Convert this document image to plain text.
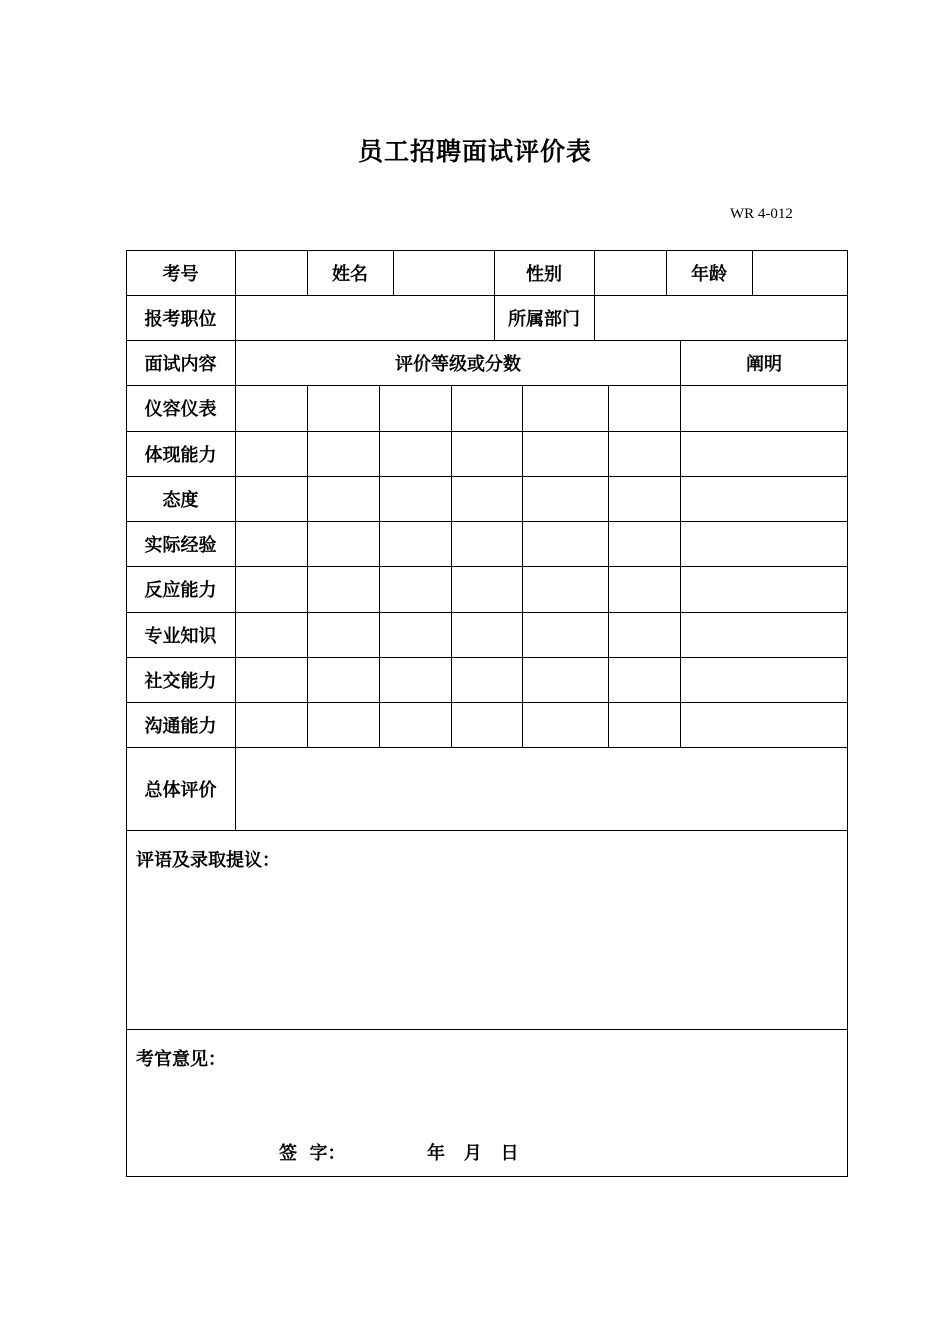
员工招聘面试评价表
WR 4-012
考号	姓名	性别	年龄
报考职位	所属部门
面试内容	评价等级或分数	阐明
仪容仪表
体现能力
态度
实际经验
反应能力
专业知识
社交能力
沟通能力
总体评价
评语及录取提议：
考官意见：
签  字：	年   月   日
